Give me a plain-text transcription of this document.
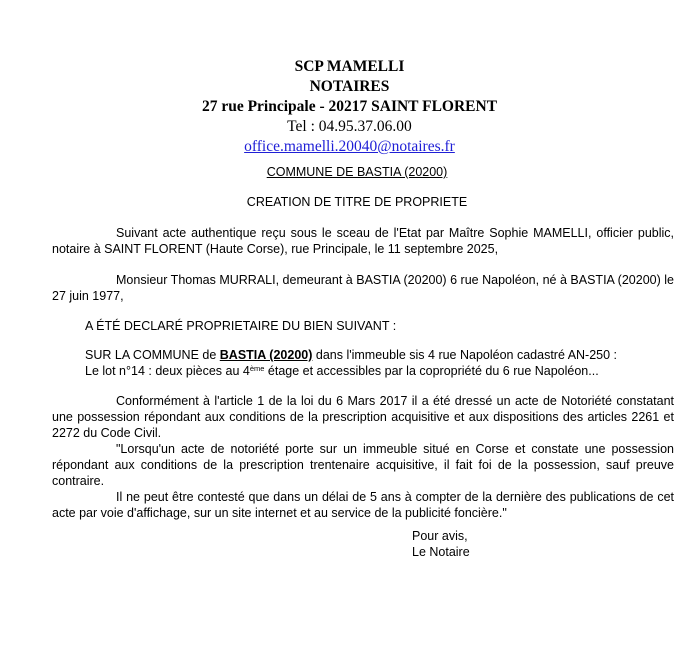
SCP MAMELLI
NOTAIRES
27 rue Principale - 20217 SAINT FLORENT
Tel : 04.95.37.06.00
office.mamelli.20040@notaires.fr
COMMUNE DE BASTIA (20200)
CREATION DE TITRE DE PROPRIETE

Suivant acte authentique reçu sous le sceau de l'Etat par Maître Sophie MAMELLI, officier public, notaire à SAINT FLORENT (Haute Corse), rue Principale, le 11 septembre 2025,

Monsieur Thomas MURRALI, demeurant à BASTIA (20200) 6 rue Napoléon, né à BASTIA (20200) le 27 juin 1977,

A ÉTÉ DECLARÉ PROPRIETAIRE DU BIEN SUIVANT :

SUR LA COMMUNE de BASTIA (20200) dans l'immeuble sis 4 rue Napoléon cadastré AN-250 :
Le lot n°14 : deux pièces au 4ème étage et accessibles par la copropriété du 6 rue Napoléon...

Conformément à l'article 1 de la loi du 6 Mars 2017 il a été dressé un acte de Notoriété constatant une possession répondant aux conditions de la prescription acquisitive et aux dispositions des articles 2261 et 2272 du Code Civil.

"Lorsqu'un acte de notoriété porte sur un immeuble situé en Corse et constate une possession répondant aux conditions de la prescription trentenaire acquisitive, il fait foi de la possession, sauf preuve contraire.

Il ne peut être contesté que dans un délai de 5 ans à compter de la dernière des publications de cet acte par voie d'affichage, sur un site internet et au service de la publicité foncière."

Pour avis,
Le Notaire
